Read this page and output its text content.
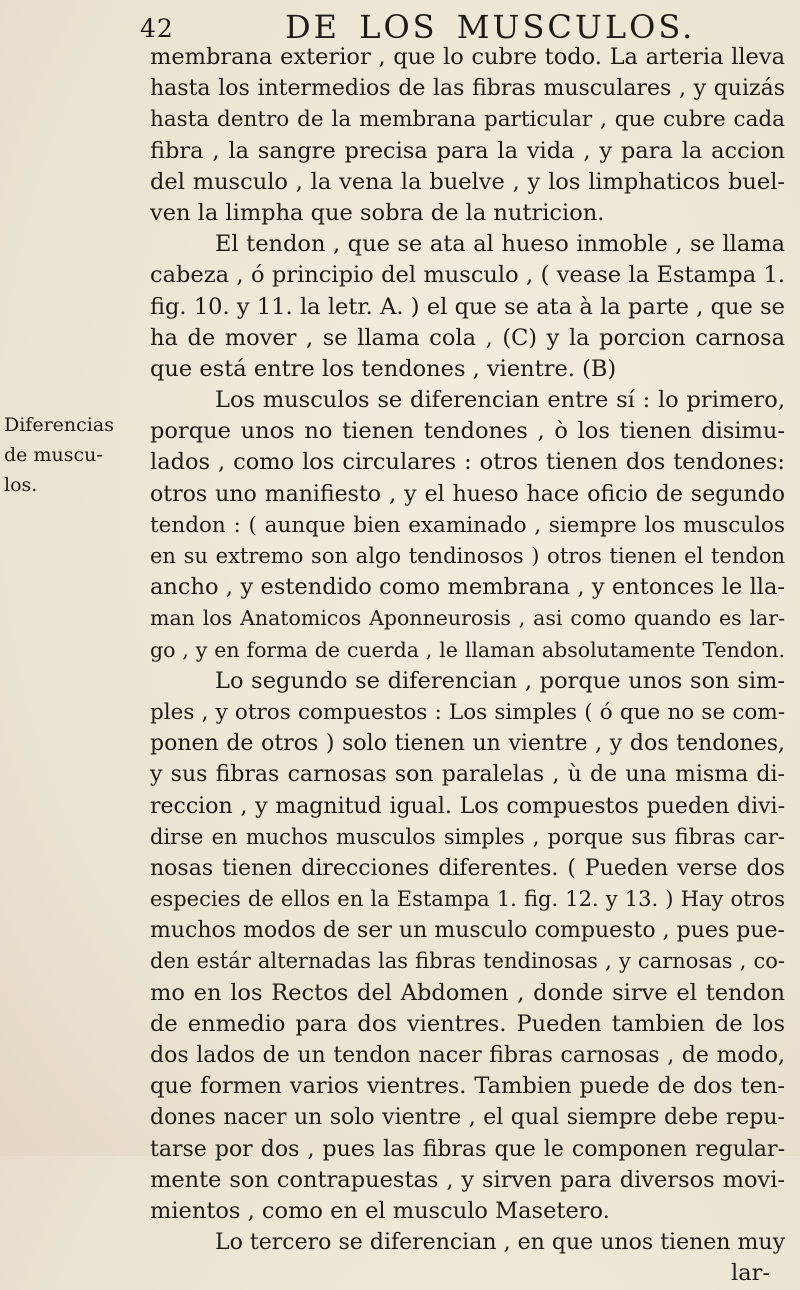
42	DE LOS MUSCULOS.
Diferencias
de muscu-
los.
membrana exterior , que lo cubre todo. La arteria lleva
hasta los intermedios de las fibras musculares , y quizás
hasta dentro de la membrana particular , que cubre cada
fibra , la sangre precisa para la vida , y para la accion
del musculo , la vena la buelve , y los limphaticos buel-
ven la limpha que sobra de la nutricion.
El tendon , que se ata al hueso inmoble , se llama
cabeza , ó principio del musculo , ( vease la Estampa 1.
fig. 10. y 11. la letr. A. ) el que se ata à la parte , que se
ha de mover , se llama cola , (C) y la porcion carnosa
que está entre los tendones , vientre. (B)
Los musculos se diferencian entre sí : lo primero,
porque unos no tienen tendones , ò los tienen disimu-
lados , como los circulares : otros tienen dos tendones:
otros uno manifiesto , y el hueso hace oficio de segundo
tendon : ( aunque bien examinado , siempre los musculos
en su extremo son algo tendinosos ) otros tienen el tendon
ancho , y estendido como membrana , y entonces le lla-
man los Anatomicos Aponneurosis , asi como quando es lar-
go , y en forma de cuerda , le llaman absolutamente Tendon.
Lo segundo se diferencian , porque unos son sim-
ples , y otros compuestos : Los simples ( ó que no se com-
ponen de otros ) solo tienen un vientre , y dos tendones,
y sus fibras carnosas son paralelas , ù de una misma di-
reccion , y magnitud igual. Los compuestos pueden divi-
dirse en muchos musculos simples , porque sus fibras car-
nosas tienen direcciones diferentes. ( Pueden verse dos
especies de ellos en la Estampa 1. fig. 12. y 13. ) Hay otros
muchos modos de ser un musculo compuesto , pues pue-
den estár alternadas las fibras tendinosas , y carnosas , co-
mo en los Rectos del Abdomen , donde sirve el tendon
de enmedio para dos vientres. Pueden tambien de los
dos lados de un tendon nacer fibras carnosas , de modo,
que formen varios vientres. Tambien puede de dos ten-
dones nacer un solo vientre , el qual siempre debe repu-
tarse por dos , pues las fibras que le componen regular-
mente son contrapuestas , y sirven para diversos movi-
mientos , como en el musculo Masetero.
Lo tercero se diferencian , en que unos tienen muy
lar-
